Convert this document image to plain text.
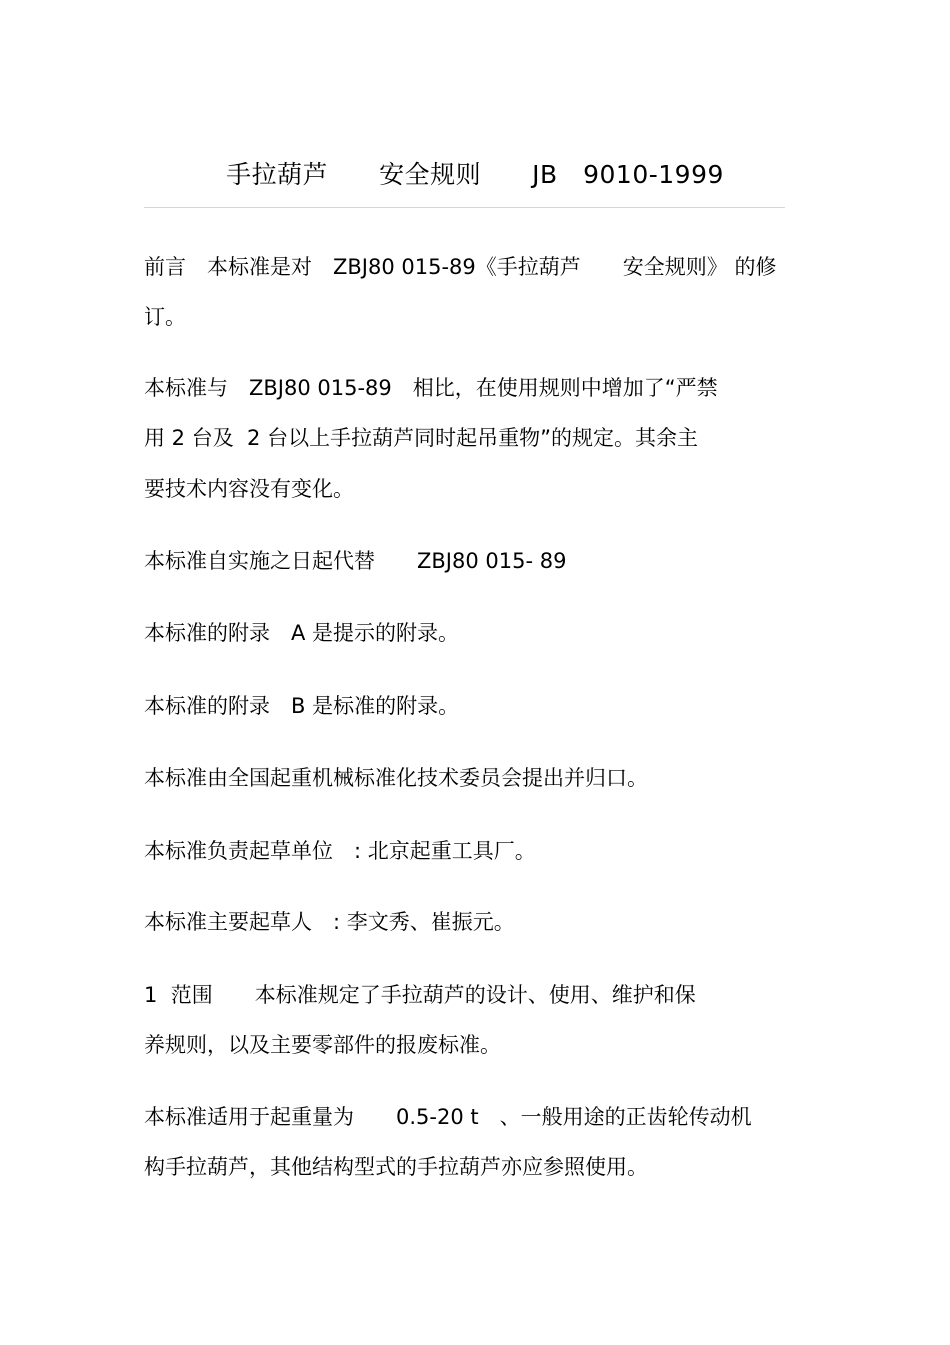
手拉葫芦　　安全规则　　JB　9010-1999
前言　本标准是对　ZBJ80 015-89《手拉葫芦　　安全规则》 的修
订。
本标准与　ZBJ80 015-89　相比，在使用规则中增加了“严禁
用 2 台及  2 台以上手拉葫芦同时起吊重物”的规定。其余主
要技术内容没有变化。
本标准自实施之日起代替　　ZBJ80 015- 89
本标准的附录　A 是提示的附录。
本标准的附录　B 是标准的附录。
本标准由全国起重机械标准化技术委员会提出并归口。
本标准负责起草单位　: 北京起重工具厂。
本标准主要起草人　: 李文秀、崔振元。
1  范围　　本标准规定了手拉葫芦的设计、使用、维护和保
养规则，以及主要零部件的报废标准。
本标准适用于起重量为　　0.5-20 t　、一般用途的正齿轮传动机
构手拉葫芦，其他结构型式的手拉葫芦亦应参照使用。
